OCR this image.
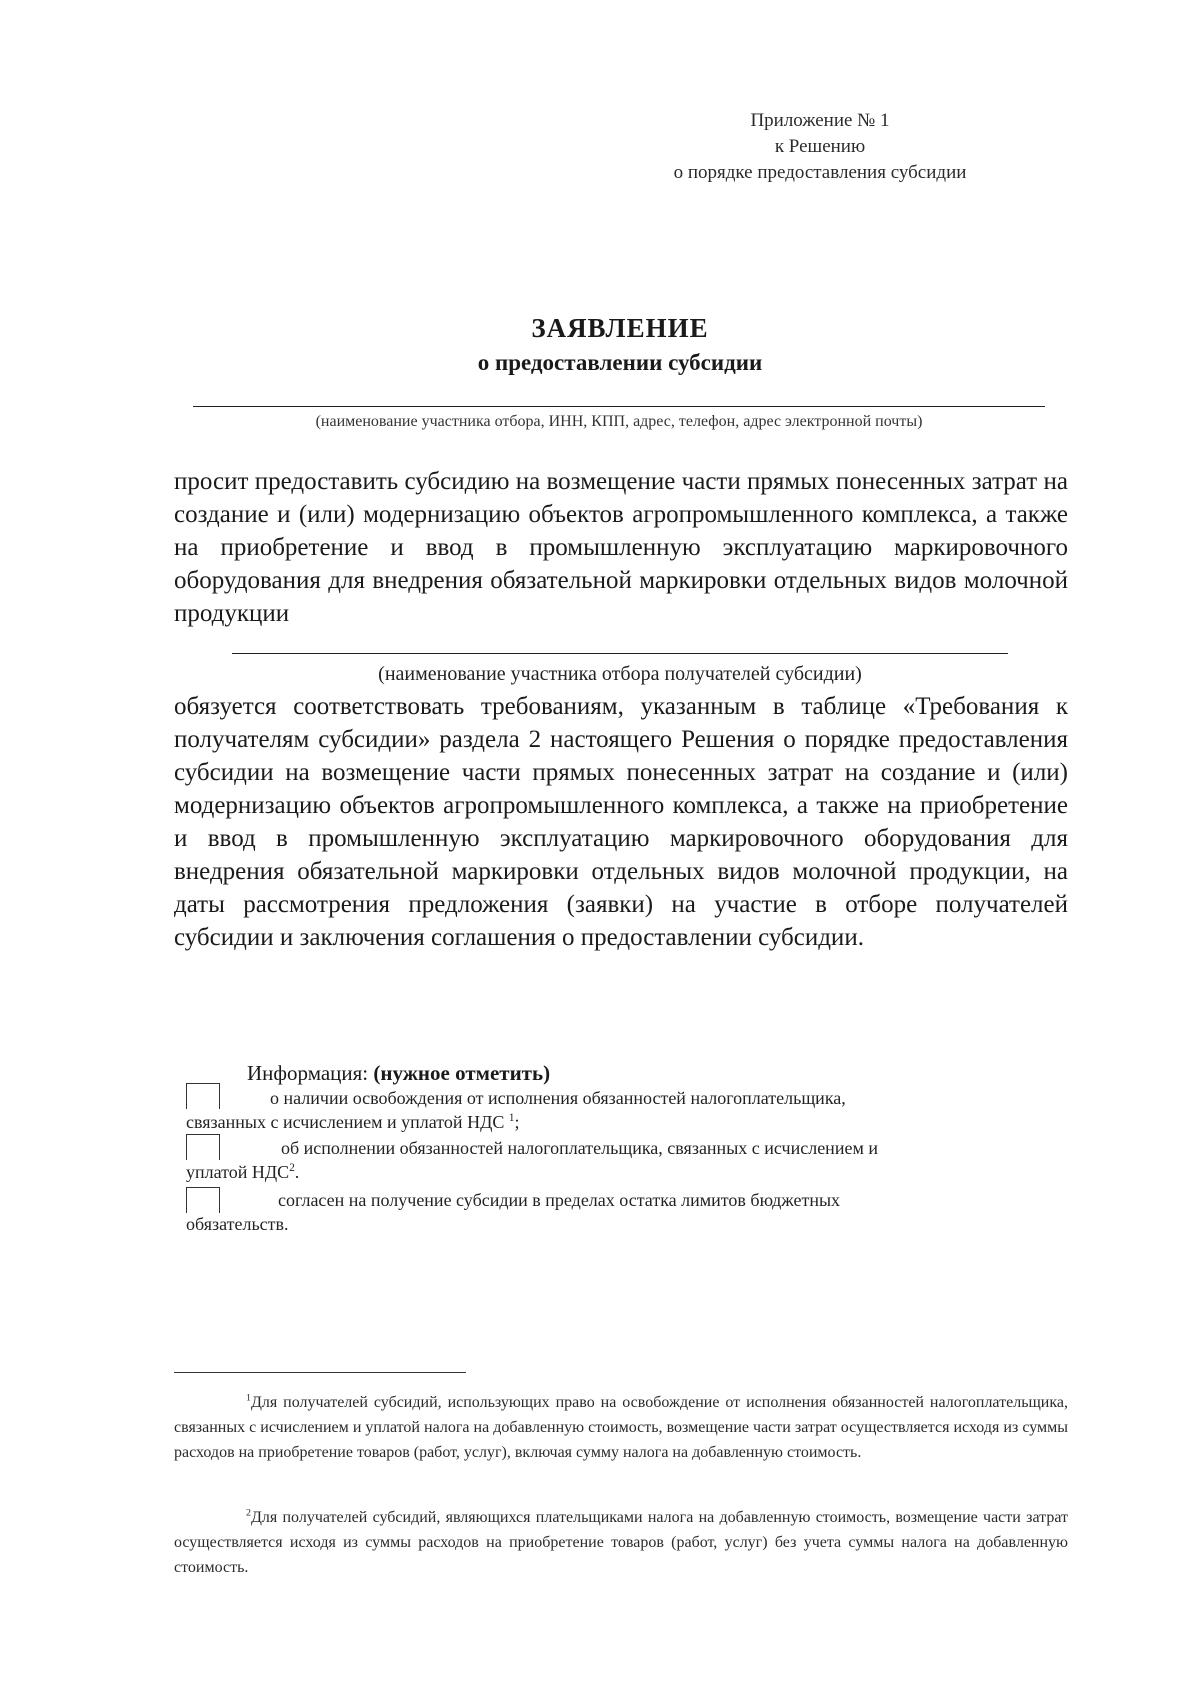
Приложение № 1
к Решению
о порядке предоставления субсидии
ЗАЯВЛЕНИЕ
о предоставлении субсидии
(наименование участника отбора, ИНН, КПП, адрес, телефон, адрес электронной почты)
просит предоставить субсидию на возмещение части прямых понесенных затрат на создание и (или) модернизацию объектов агропромышленного комплекса, а также на приобретение и ввод в промышленную эксплуатацию маркировочного оборудования для внедрения обязательной маркировки отдельных видов молочной продукции
(наименование участника отбора получателей субсидии)
обязуется соответствовать требованиям, указанным в таблице «Требования к получателям субсидии» раздела 2 настоящего Решения о порядке предоставления субсидии на возмещение части прямых понесенных затрат на создание и (или) модернизацию объектов агропромышленного комплекса, а также на приобретение и ввод в промышленную эксплуатацию маркировочного оборудования для внедрения обязательной маркировки отдельных видов молочной продукции, на даты рассмотрения предложения (заявки) на участие в отборе получателей субсидии и заключения соглашения о предоставлении субсидии.
Информация: (нужное отметить)
о наличии освобождения от исполнения обязанностей налогоплательщика,
связанных с исчислением и уплатой НДС $^1$;
об исполнении обязанностей налогоплательщика, связанных с исчислением и
уплатой НДС$^2$.
согласен на получение субсидии в пределах остатка лимитов бюджетных
обязательств.
$^1$Для получателей субсидий, использующих право на освобождение от исполнения обязанностей налогоплательщика, связанных с исчислением и уплатой налога на добавленную стоимость, возмещение части затрат осуществляется исходя из суммы расходов на приобретение товаров (работ, услуг), включая сумму налога на добавленную стоимость.
$^2$Для получателей субсидий, являющихся плательщиками налога на добавленную стоимость, возмещение части затрат осуществляется исходя из суммы расходов на приобретение товаров (работ, услуг) без учета суммы налога на добавленную стоимость.
